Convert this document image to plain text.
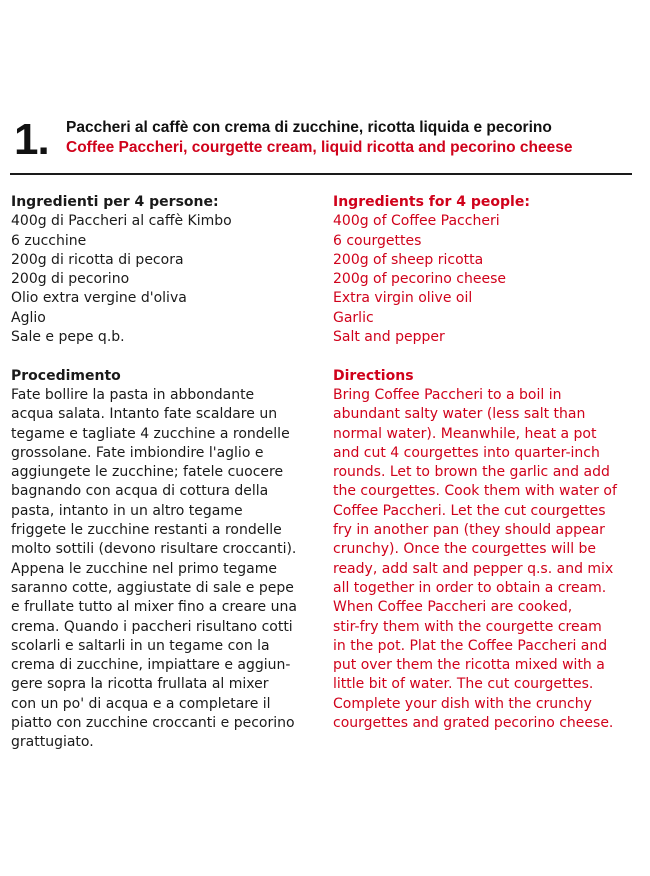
1. Paccheri al caffè con crema di zucchine, ricotta liquida e pecorino
Coffee Paccheri, courgette cream, liquid ricotta and pecorino cheese
Ingredienti per 4 persone:
400g di Paccheri al caffè Kimbo
6 zucchine
200g di ricotta di pecora
200g di pecorino
Olio extra vergine d'oliva
Aglio
Sale e pepe q.b.
Procedimento

Fate bollire la pasta in abbondante
acqua salata. Intanto fate scaldare un
tegame e tagliate 4 zucchine a rondelle
grossolane. Fate imbiondire l'aglio e
aggiungete le zucchine; fatele cuocere
bagnando con acqua di cottura della
pasta, intanto in un altro tegame
friggete le zucchine restanti a rondelle
molto sottili (devono risultare croccanti).
Appena le zucchine nel primo tegame
saranno cotte, aggiustate di sale e pepe
e frullate tutto al mixer fino a creare una
crema. Quando i paccheri risultano cotti
scolarli e saltarli in un tegame con la
crema di zucchine, impiattare e aggiun-
gere sopra la ricotta frullata al mixer
con un po' di acqua e a completare il
piatto con zucchine croccanti e pecorino
grattugiato.

Ingredients for 4 people:
400g of Coffee Paccheri
6 courgettes
200g of sheep ricotta
200g of pecorino cheese
Extra virgin olive oil
Garlic
Salt and pepper
Directions

Bring Coffee Paccheri to a boil in
abundant salty water (less salt than
normal water). Meanwhile, heat a pot
and cut 4 courgettes into quarter-inch
rounds. Let to brown the garlic and add
the courgettes. Cook them with water of
Coffee Paccheri. Let the cut courgettes
fry in another pan (they should appear
crunchy). Once the courgettes will be
ready, add salt and pepper q.s. and mix
all together in order to obtain a cream.
When Coffee Paccheri are cooked,
stir-fry them with the courgette cream
in the pot. Plat the Coffee Paccheri and
put over them the ricotta mixed with a
little bit of water. The cut courgettes.
Complete your dish with the crunchy
courgettes and grated pecorino cheese.
